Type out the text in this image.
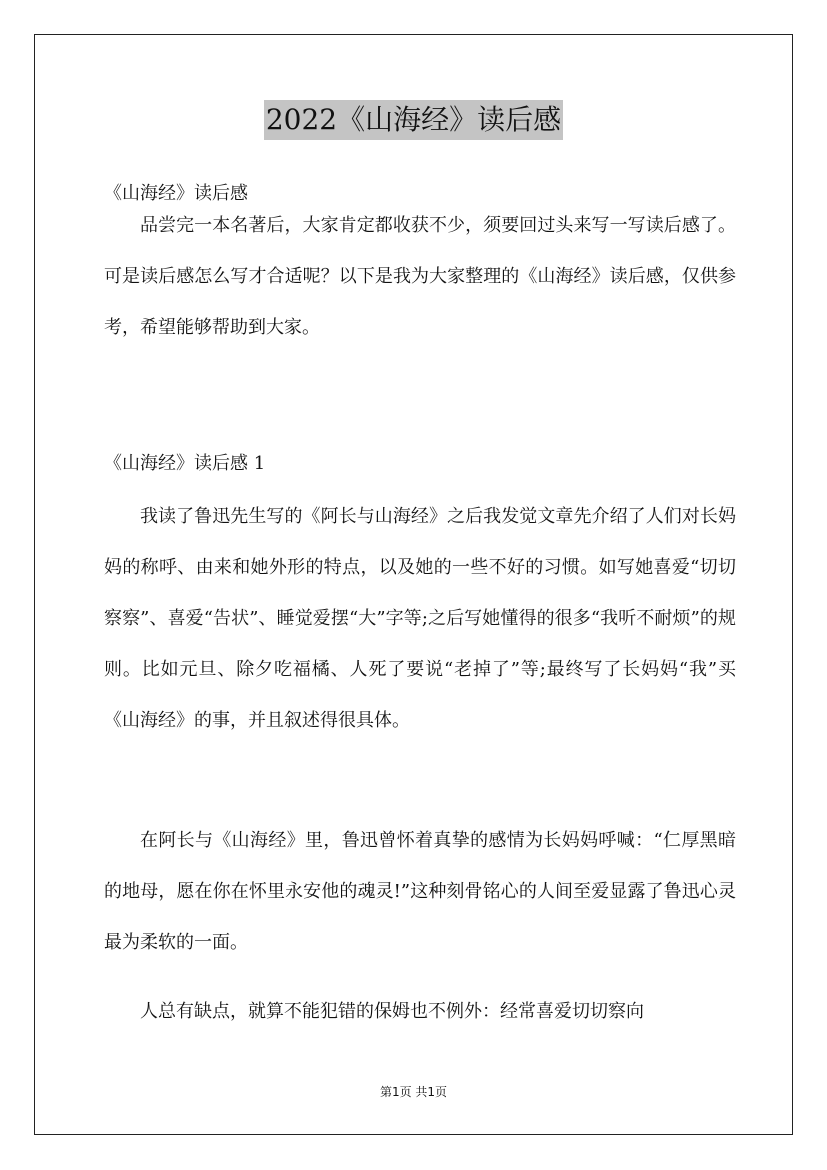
2022《山海经》读后感
《山海经》读后感

品尝完一本名著后，大家肯定都收获不少，须要回过头来写一写读后感了。可是读后感怎么写才合适呢？以下是我为大家整理的《山海经》读后感，仅供参考，希望能够帮助到大家。

《山海经》读后感 1

我读了鲁迅先生写的《阿长与山海经》之后我发觉文章先介绍了人们对长妈妈的称呼、由来和她外形的特点，以及她的一些不好的习惯。如写她喜爱“切切察察”、喜爱“告状”、睡觉爱摆“大”字等;之后写她懂得的很多“我听不耐烦”的规则。比如元旦、除夕吃福橘、人死了要说“老掉了”等;最终写了长妈妈“我”买《山海经》的事，并且叙述得很具体。

在阿长与《山海经》里，鲁迅曾怀着真挚的感情为长妈妈呼喊：“仁厚黑暗的地母，愿在你在怀里永安他的魂灵!”这种刻骨铭心的人间至爱显露了鲁迅心灵最为柔软的一面。

人总有缺点，就算不能犯错的保姆也不例外：经常喜爱切切察向

第1页 共1页
